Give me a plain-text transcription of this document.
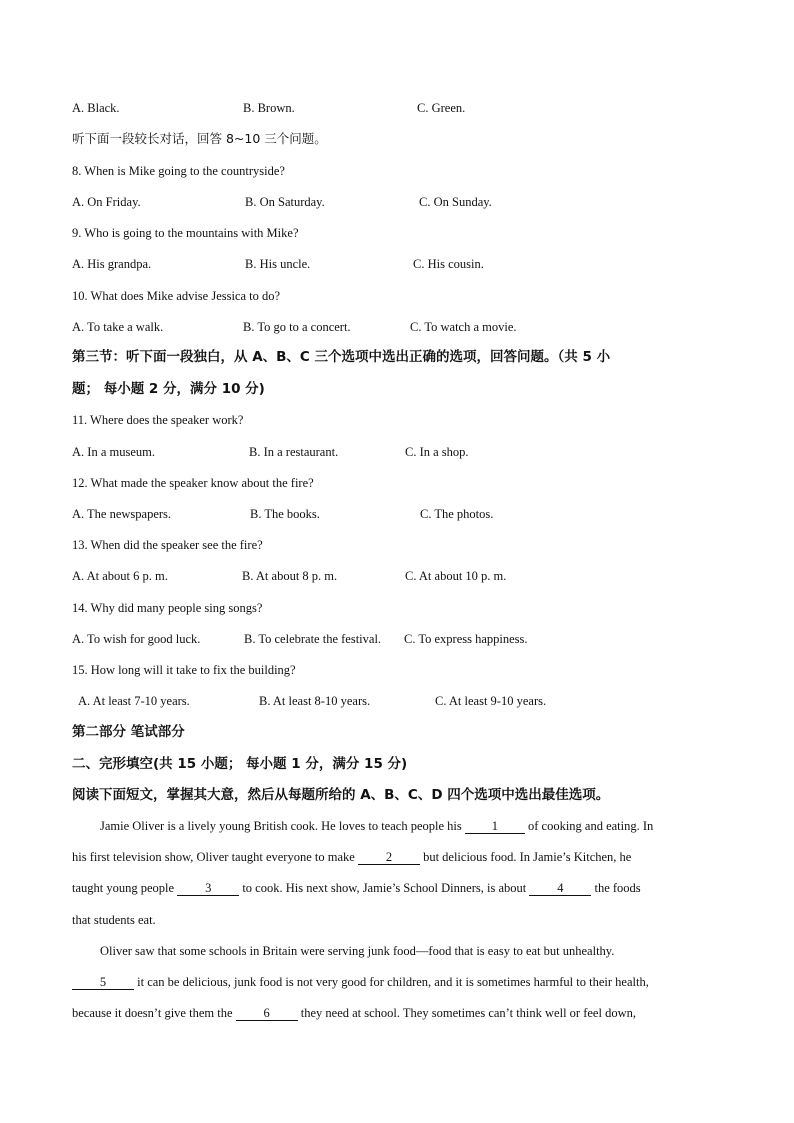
A. Black.	B. Brown.	C. Green.
听下面一段较长对话，回答 8~10 三个问题。
8. When is Mike going to the countryside?
A. On Friday.	B. On Saturday.	C. On Sunday.
9. Who is going to the mountains with Mike?
A. His grandpa.	B. His uncle.	C. His cousin.
10. What does Mike advise Jessica to do?
A. To take a walk.	B. To go to a concert.	C. To watch a movie.
第三节：听下面一段独白，从 A、B、C 三个选项中选出正确的选项，回答问题。（共 5 小
题； 每小题 2 分，满分 10 分)
11. Where does the speaker work?
A. In a museum.	B. In a restaurant.	C. In a shop.
12. What made the speaker know about the fire?
A. The newspapers.	B. The books.	C. The photos.
13. When did the speaker see the fire?
A. At about 6 p. m.	B. At about 8 p. m.	C. At about 10 p. m.
14. Why did many people sing songs?
A. To wish for good luck.	B. To celebrate the festival. C. To express happiness.
15. How long will it take to fix the building?
A. At least 7-10 years.	B. At least 8-10 years.	C. At least 9-10 years.
第二部分 笔试部分
二、完形填空(共 15 小题； 每小题 1 分，满分 15 分)
阅读下面短文，掌握其大意，然后从每题所给的 A、B、C、D 四个选项中选出最佳选项。
Jamie Oliver is a lively young British cook. He loves to teach people his 1 of cooking and eating. In
his first television show, Oliver taught everyone to make 2 but delicious food. In Jamie’s Kitchen, he
taught young people 3 to cook. His next show, Jamie’s School Dinners, is about 4 the foods
that students eat.
Oliver saw that some schools in Britain were serving junk food—food that is easy to eat but unhealthy.
5 it can be delicious, junk food is not very good for children, and it is sometimes harmful to their health,
because it doesn’t give them the 6 they need at school. They sometimes can’t think well or feel down,
